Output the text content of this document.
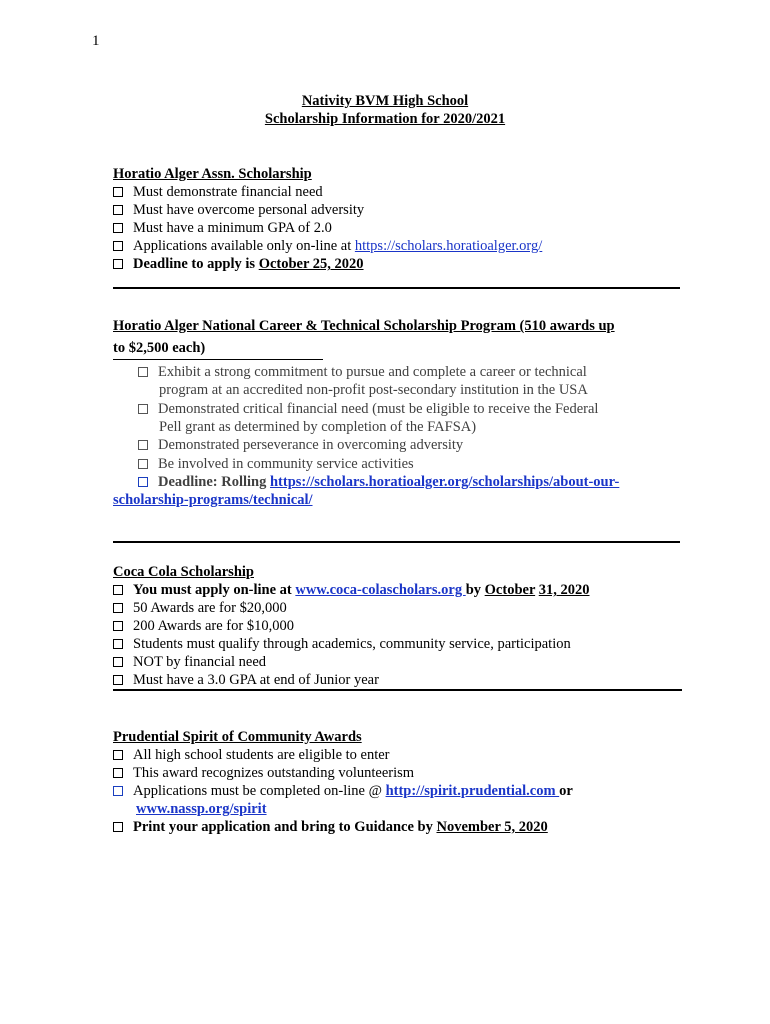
1
Nativity BVM High School
Scholarship Information for 2020/2021
Horatio Alger Assn. Scholarship
Must demonstrate financial need
Must have overcome personal adversity
Must have a minimum GPA of 2.0
Applications available only on-line at https://scholars.horatioalger.org/
Deadline to apply is October 25, 2020
Horatio Alger National Career & Technical Scholarship Program (510 awards up
to $2,500 each)
Exhibit a strong commitment to pursue and complete a career or technical
program at an accredited non-profit post-secondary institution in the USA
Demonstrated critical financial need (must be eligible to receive the Federal
Pell grant as determined by completion of the FAFSA)
Demonstrated perseverance in overcoming adversity
Be involved in community service activities
Deadline: Rolling https://scholars.horatioalger.org/scholarships/about-our-
scholarship-programs/technical/
Coca Cola Scholarship
You must apply on-line at www.coca-colascholars.org by October 31, 2020
50 Awards are for $20,000
200 Awards are for $10,000
Students must qualify through academics, community service, participation
NOT by financial need
Must have a 3.0 GPA at end of Junior year
Prudential Spirit of Community Awards
All high school students are eligible to enter
This award recognizes outstanding volunteerism
Applications must be completed on-line @ http://spirit.prudential.com or
www.nassp.org/spirit
Print your application and bring to Guidance by November 5, 2020
